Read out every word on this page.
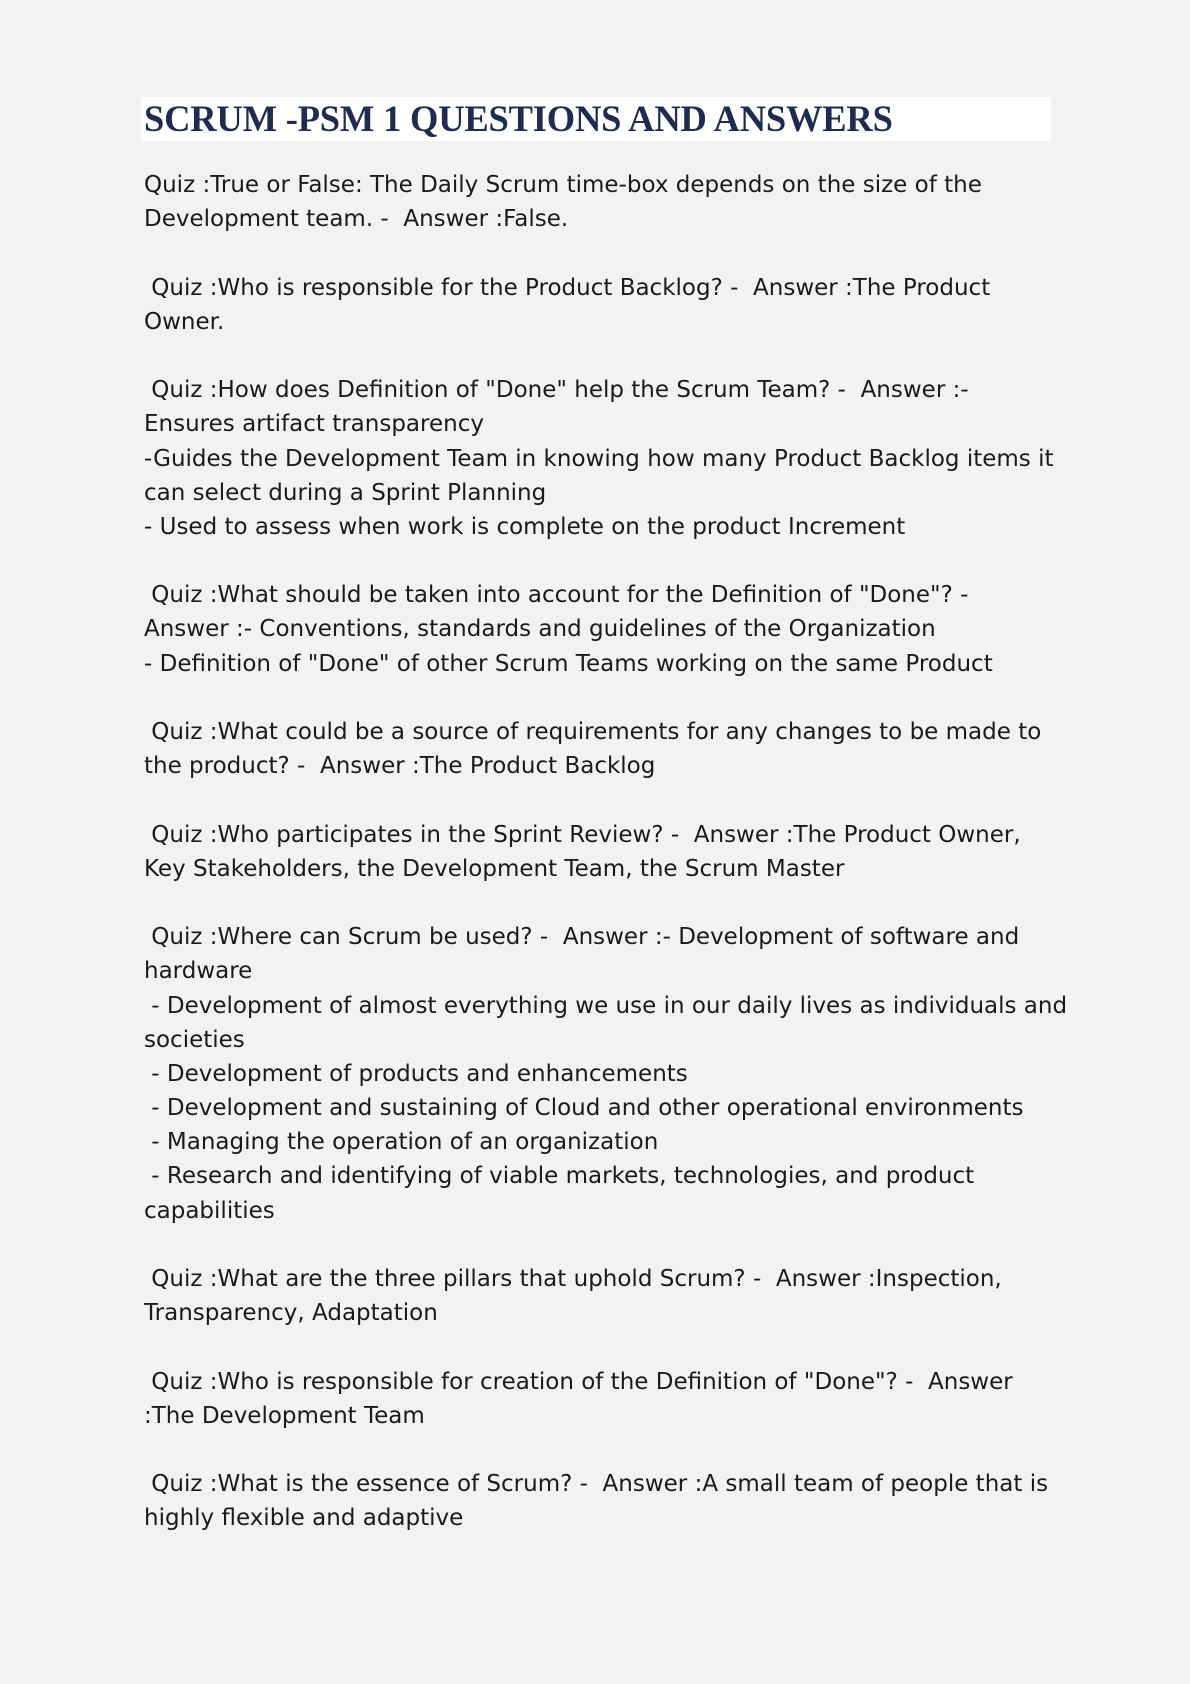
SCRUM -PSM 1 QUESTIONS AND ANSWERS
Quiz :True or False: The Daily Scrum time-box depends on the size of the
Development team. -  Answer :False.
Quiz :Who is responsible for the Product Backlog? -  Answer :The Product
Owner.
Quiz :How does Definition of "Done" help the Scrum Team? -  Answer :-
Ensures artifact transparency
-Guides the Development Team in knowing how many Product Backlog items it
can select during a Sprint Planning
- Used to assess when work is complete on the product Increment
Quiz :What should be taken into account for the Definition of "Done"? -
Answer :- Conventions, standards and guidelines of the Organization
- Definition of "Done" of other Scrum Teams working on the same Product
Quiz :What could be a source of requirements for any changes to be made to
the product? -  Answer :The Product Backlog
Quiz :Who participates in the Sprint Review? -  Answer :The Product Owner,
Key Stakeholders, the Development Team, the Scrum Master
Quiz :Where can Scrum be used? -  Answer :- Development of software and
hardware
- Development of almost everything we use in our daily lives as individuals and
societies
- Development of products and enhancements
- Development and sustaining of Cloud and other operational environments
- Managing the operation of an organization
- Research and identifying of viable markets, technologies, and product
capabilities
Quiz :What are the three pillars that uphold Scrum? -  Answer :Inspection,
Transparency, Adaptation
Quiz :Who is responsible for creation of the Definition of "Done"? -  Answer
:The Development Team
Quiz :What is the essence of Scrum? -  Answer :A small team of people that is
highly flexible and adaptive
